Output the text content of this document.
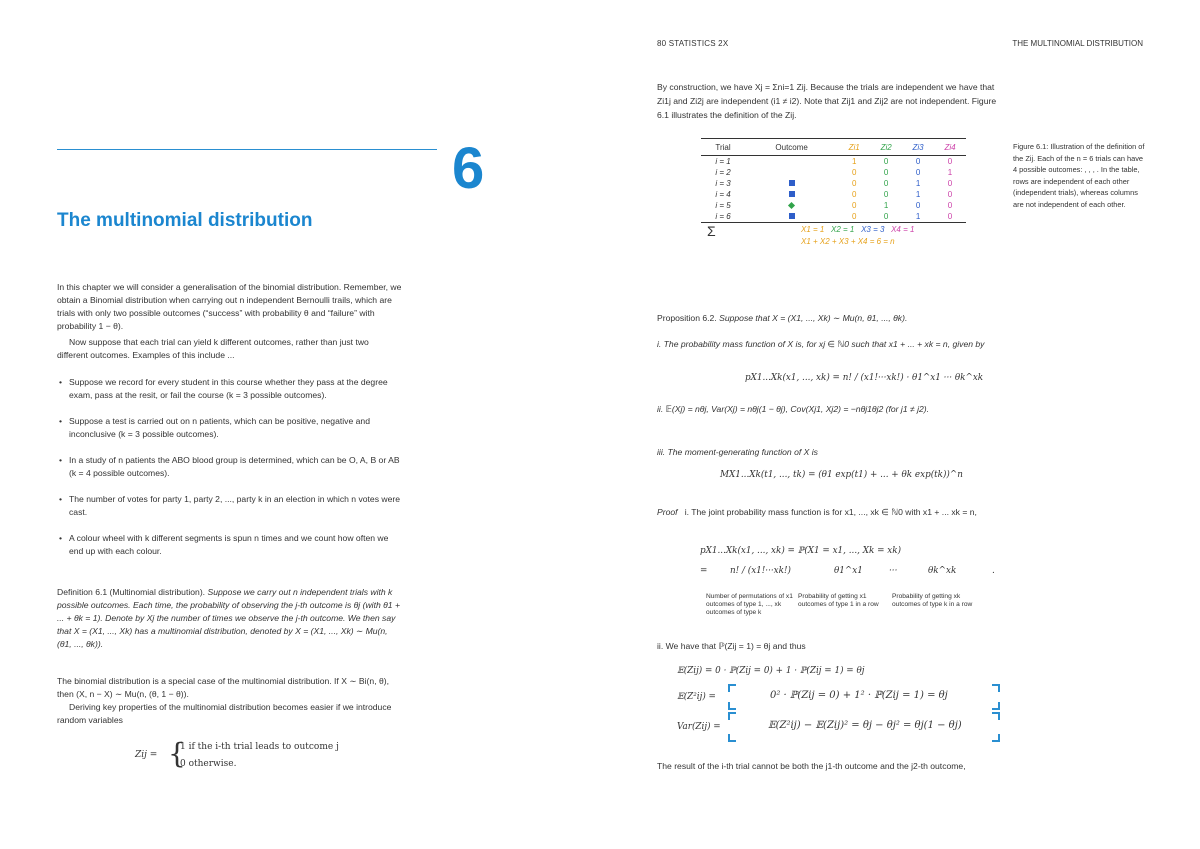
6
The multinomial distribution

In this chapter we will consider a generalisation of the binomial distribution. Remember, we obtain a Binomial distribution when carrying out n independent Bernoulli trails, which are trials with only two possible outcomes (“success” with probability θ and “failure” with probability 1 − θ).

Now suppose that each trial can yield k different outcomes, rather than just two different outcomes. Examples of this include ...

• Suppose we record for every student in this course whether they pass at the degree exam, pass at the resit, or fail the course (k = 3 possible outcomes).
• Suppose a test is carried out on n patients, which can be positive, negative and inconclusive (k = 3 possible outcomes).
• In a study of n patients the ABO blood group is determined, which can be O, A, B or AB (k = 4 possible outcomes).
• The number of votes for party 1, party 2, ..., party k in an election in which n votes were cast.
• A colour wheel with k different segments is spun n times and we count how often we end up with each colour.
Definition 6.1 (Multinomial distribution). Suppose we carry out n independent trials with k possible outcomes. Each time, the probability of observing the j-th outcome is θj (with θ1 + ... + θk = 1). Denote by Xj the number of times we observe the j-th outcome. We then say that X = (X1, ..., Xk) has a multinomial distribution, denoted by X = (X1, ..., Xk) ∼ Mu(n, (θ1, ..., θk)).
The binomial distribution is a special case of the multinomial distribution. If X ∼ Bi(n, θ), then (X, n − X) ∼ Mu(n, (θ, 1 − θ)).
Deriving key properties of the multinomial distribution becomes easier if we introduce random variables
Zij = {
1 if the i-th trial leads to outcome j
0 otherwise.
80 STATISTICS 2X	THE MULTINOMIAL DISTRIBUTION
By construction, we have Xj = Σni=1 Zij. Because the trials are independent we have that Zi1j and Zi2j are independent (i1 ≠ i2). Note that Zij1 and Zij2 are not independent. Figure 6.1 illustrates the definition of the Zij.
Trial	Outcome	Zi1	Zi2	Zi3	Zi4
i = 1		1	0	0	0
i = 2		0	0	0	1
i = 3		0	0	1	0
i = 4		0	0	1	0
i = 5		0	1	0	0
i = 6		0	0	1	0
Σ	X1 = 1 X2 = 1 X3 = 3 X4 = 1
X1 + X2 + X3 + X4 = 6 = n
Figure 6.1: Illustration of the definition of the Zij. Each of the n = 6 trials can have 4 possible outcomes: , , , . In the table, rows are independent of each other (independent trials), whereas columns are not independent of each other.
Proposition 6.2. Suppose that X = (X1, ..., Xk) ∼ Mu(n, θ1, ..., θk).
i. The probability mass function of X is, for xj ∈ ℕ0 such that x1 + ... + xk = n, given by
pX1...Xk(x1, ..., xk) = n! / (x1!···xk!) · θ1^x1 ··· θk^xk
ii. 𝔼(Xj) = nθj, Var(Xj) = nθj(1 − θj), Cov(Xj1, Xj2) = −nθj1θj2 (for j1 ≠ j2).
iii. The moment-generating function of X is
MX1...Xk(t1, ..., tk) = (θ1 exp(t1) + ... + θk exp(tk))^n
Proof i. The joint probability mass function is for x1, ..., xk ∈ ℕ0 with x1 + ... xk = n,
pX1...Xk(x1, ..., xk) = ℙ(X1 = x1, ..., Xk = xk)
=	n! / (x1!···xk!)	θ1^x1	···	θk^xk	.
Number of permutations of x1 outcomes of type 1, ..., xk outcomes of type k
Probability of getting x1 outcomes of type 1 in a row
Probability of getting xk outcomes of type k in a row
ii. We have that ℙ(Zij = 1) = θj and thus
𝔼(Zij) = 0 · ℙ(Zij = 0) + 1 · ℙ(Zij = 1) = θj
𝔼(Z²ij) =	0² · ℙ(Zij = 0) + 1² · ℙ(Zij = 1) = θj
Var(Zij) =	𝔼(Z²ij) − 𝔼(Zij)² = θj − θj² = θj(1 − θj)
The result of the i-th trial cannot be both the j1-th outcome and the j2-th outcome,
